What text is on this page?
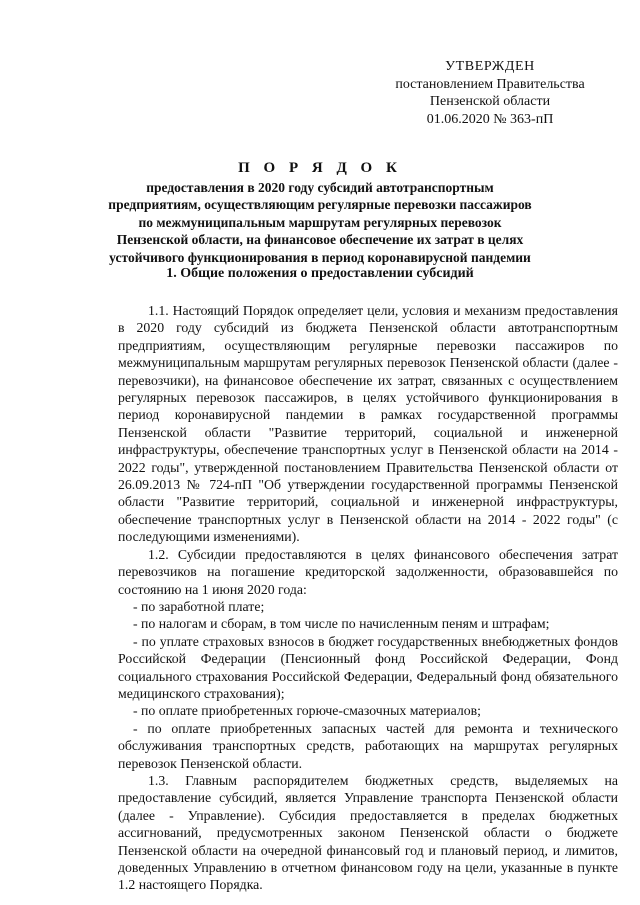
УТВЕРЖДЕН
постановлением Правительства
Пензенской области
01.06.2020 № 363-пП
П О Р Я Д О К
предоставления в 2020 году субсидий автотранспортным
предприятиям, осуществляющим регулярные перевозки пассажиров
по межмуниципальным маршрутам регулярных перевозок
Пензенской области, на финансовое обеспечение их затрат в целях
устойчивого функционирования в период коронавирусной пандемии
1. Общие положения о предоставлении субсидий

1.1. Настоящий Порядок определяет цели, условия и механизм предоставления в 2020 году субсидий из бюджета Пензенской области автотранспортным предприятиям, осуществляющим регулярные перевозки пассажиров по межмуниципальным маршрутам регулярных перевозок Пензенской области (далее - перевозчики), на финансовое обеспечение их затрат, связанных с осуществлением регулярных перевозок пассажиров, в целях устойчивого функционирования в период коронавирусной пандемии в рамках государственной программы Пензенской области "Развитие территорий, социальной и инженерной инфраструктуры, обеспечение транспортных услуг в Пензенской области на 2014 - 2022 годы", утвержденной постановлением Правительства Пензенской области от 26.09.2013 № 724-пП "Об утверждении государственной программы Пензенской области "Развитие территорий, социальной и инженерной инфраструктуры, обеспечение транспортных услуг в Пензенской области на 2014 - 2022 годы" (с последующими изменениями).

1.2. Субсидии предоставляются в целях финансового обеспечения затрат перевозчиков на погашение кредиторской задолженности, образовавшейся по состоянию на 1 июня 2020 года:

- по заработной плате;

- по налогам и сборам, в том числе по начисленным пеням и штрафам;

- по уплате страховых взносов в бюджет государственных внебюджетных фондов Российской Федерации (Пенсионный фонд Российской Федерации, Фонд социального страхования Российской Федерации, Федеральный фонд обязательного медицинского страхования);

- по оплате приобретенных горюче-смазочных материалов;

- по оплате приобретенных запасных частей для ремонта и технического обслуживания транспортных средств, работающих на маршрутах регулярных перевозок Пензенской области.

1.3. Главным распорядителем бюджетных средств, выделяемых на предоставление субсидий, является Управление транспорта Пензенской области (далее - Управление). Субсидия предоставляется в пределах бюджетных ассигнований, предусмотренных законом Пензенской области о бюджете Пензенской области на очередной финансовый год и плановый период, и лимитов, доведенных Управлению в отчетном финансовом году на цели, указанные в пункте 1.2 настоящего Порядка.
